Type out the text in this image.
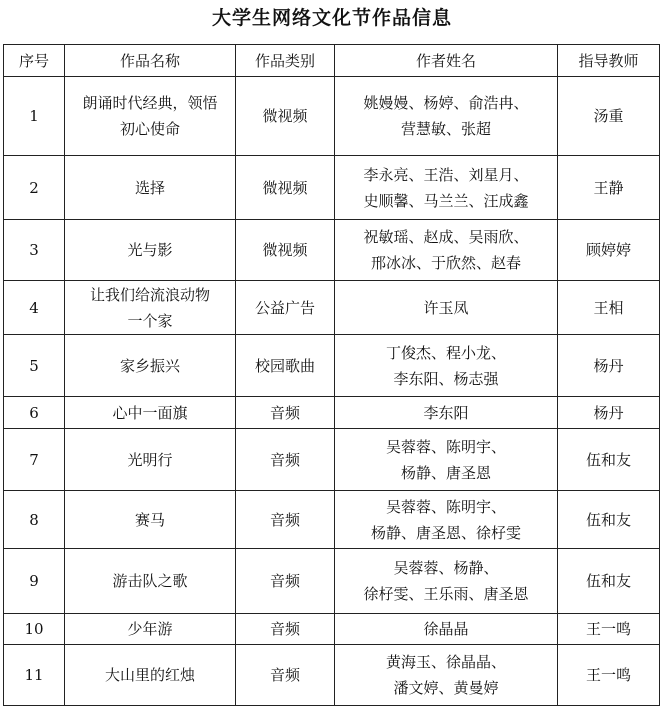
大学生网络文化节作品信息
序号	作品名称	作品类别	作者姓名	指导教师
1	朗诵时代经典，领悟
初心使命	微视频	姚嫚嫚、杨婷、俞浩冉、
营慧敏、张超	汤重
2	选择	微视频	李永亮、王浩、刘星月、
史顺馨、马兰兰、汪成鑫	王静
3	光与影	微视频	祝敏瑶、赵成、吴雨欣、
邢冰冰、于欣然、赵春	顾婷婷
4	让我们给流浪动物
一个家	公益广告	许玉凤	王相
5	家乡振兴	校园歌曲	丁俊杰、程小龙、
李东阳、杨志强	杨丹
6	心中一面旗	音频	李东阳	杨丹
7	光明行	音频	吴蓉蓉、陈明宇、
杨静、唐圣恩	伍和友
8	赛马	音频	吴蓉蓉、陈明宇、
杨静、唐圣恩、徐杍雯	伍和友
9	游击队之歌	音频	吴蓉蓉、杨静、
徐杍雯、王乐雨、唐圣恩	伍和友
10	少年游	音频	徐晶晶	王一鸣
11	大山里的红烛	音频	黄海玉、徐晶晶、
潘文婷、黄曼婷	王一鸣
